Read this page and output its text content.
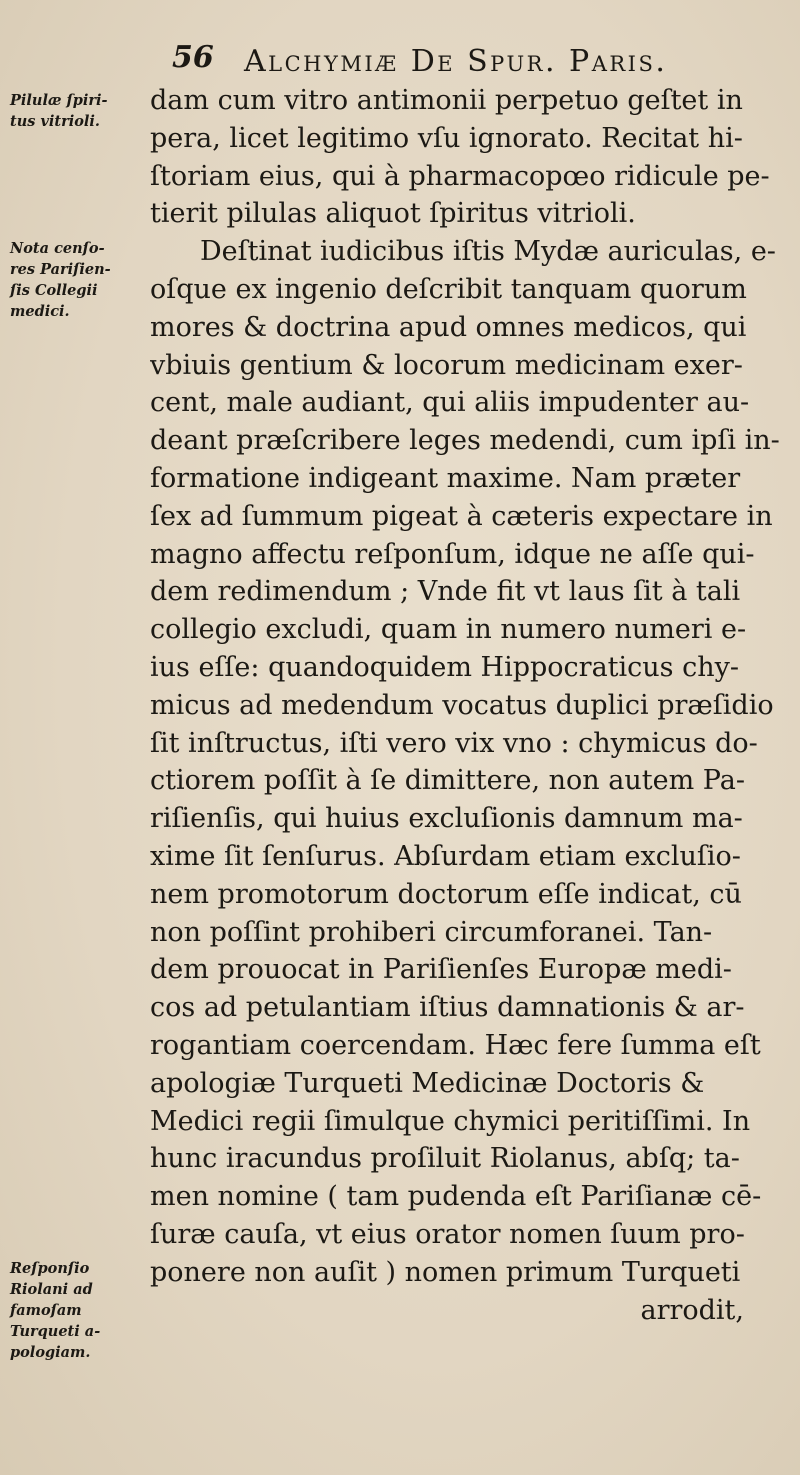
56 Alchymiæ De Spur. Paris.
Pilulæ ſpiri-
tus vitrioli.
Nota cenſo-
res Pariſien-
ſis Collegii
medici.
Reſponſio
Riolani ad
famoſam
Turqueti a-
pologiam.
dam cum vitro antimonii perpetuo geſtet in
pera, licet legitimo vſu ignorato. Recitat hi-
ſtoriam eius, qui à pharmacopœo ridicule pe-
tierit pilulas aliquot ſpiritus vitrioli.
Deſtinat iudicibus iſtis Mydæ auriculas, e-
oſque ex ingenio deſcribit tanquam quorum
mores & doctrina apud omnes medicos, qui
vbiuis gentium & locorum medicinam exer-
cent, male audiant, qui aliis impudenter au-
deant præſcribere leges medendi, cum ipſi in-
formatione indigeant maxime. Nam præter
ſex ad ſummum pigeat à cæteris expectare in
magno affectu reſponſum, idque ne aſſe qui-
dem redimendum ; Vnde fit vt laus ſit à tali
collegio excludi, quam in numero numeri e-
ius eſſe: quandoquidem Hippocraticus chy-
micus ad medendum vocatus duplici præſidio
ſit inſtructus, iſti vero vix vno : chymicus do-
ctiorem poſſit à ſe dimittere, non autem Pa-
riſienſis, qui huius excluſionis damnum ma-
xime ſit ſenſurus. Abſurdam etiam excluſio-
nem promotorum doctorum eſſe indicat, cū
non poſſint prohiberi circumforanei. Tan-
dem prouocat in Pariſienſes Europæ medi-
cos ad petulantiam iſtius damnationis & ar-
rogantiam coercendam. Hæc fere ſumma eſt
apologiæ Turqueti Medicinæ Doctoris &
Medici regii ſimulque chymici peritiſſimi. In
hunc iracundus proſiluit Riolanus, abſq; ta-
men nomine ( tam pudenda eſt Pariſianæ cē-
ſuræ cauſa, vt eius orator nomen ſuum pro-
ponere non auſit ) nomen primum Turqueti
arrodit,
